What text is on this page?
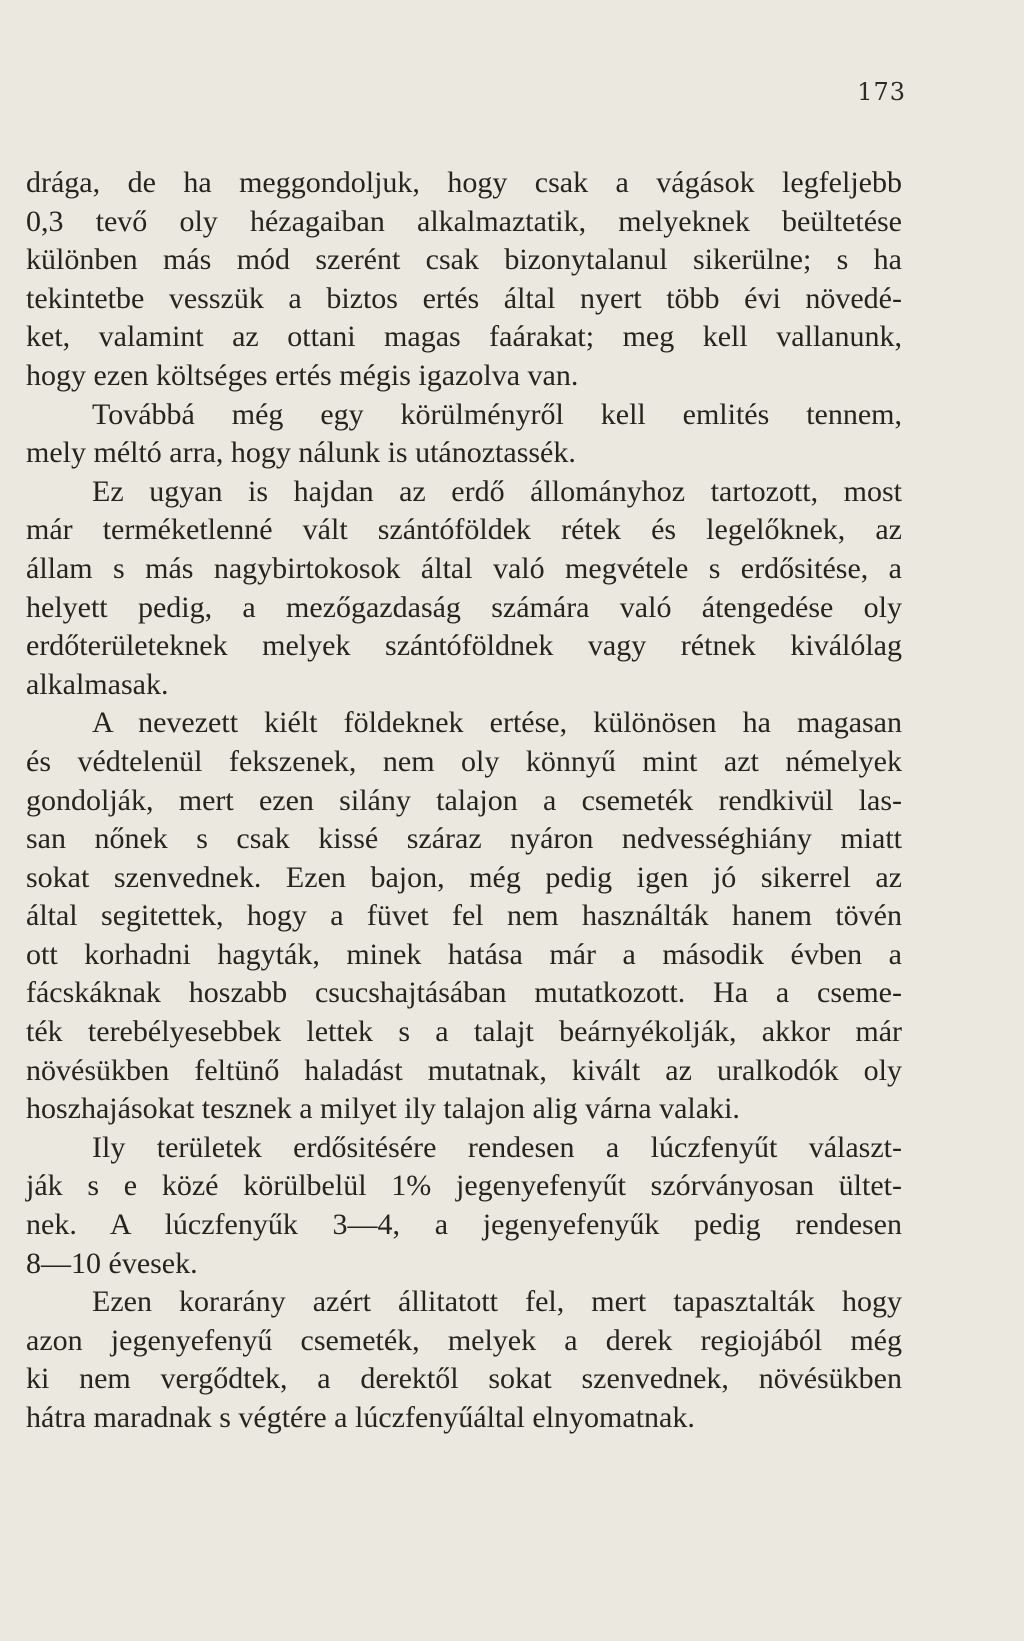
173
drága, de ha meggondoljuk, hogy csak a vágások legfeljebb
0,3 tevő oly hézagaiban alkalmaztatik, melyeknek beültetése
különben más mód szerént csak bizonytalanul sikerülne; s ha
tekintetbe vesszük a biztos ertés által nyert több évi növedé-
ket, valamint az ottani magas faárakat; meg kell vallanunk,
hogy ezen költséges ertés mégis igazolva van.
Továbbá még egy körülményről kell emlités tennem,
mely méltó arra, hogy nálunk is utánoztassék.
Ez ugyan is hajdan az erdő állományhoz tartozott, most
már terméketlenné vált szántóföldek rétek és legelőknek, az
állam s más nagybirtokosok által való megvétele s erdősitése, a
helyett pedig, a mezőgazdaság számára való átengedése oly
erdőterületeknek melyek szántóföldnek vagy rétnek kiválólag
alkalmasak.
A nevezett kiélt földeknek ertése, különösen ha magasan
és védtelenül fekszenek, nem oly könnyű mint azt némelyek
gondolják, mert ezen silány talajon a csemeték rendkivül las-
san nőnek s csak kissé száraz nyáron nedvességhiány miatt
sokat szenvednek. Ezen bajon, még pedig igen jó sikerrel az
által segitettek, hogy a füvet fel nem használták hanem tövén
ott korhadni hagyták, minek hatása már a második évben a
fácskáknak hoszabb csucshajtásában mutatkozott. Ha a cseme-
ték terebélyesebbek lettek s a talajt beárnyékolják, akkor már
növésükben feltünő haladást mutatnak, kivált az uralkodók oly
hoszhajásokat tesznek a milyet ily talajon alig várna valaki.
Ily területek erdősitésére rendesen a lúczfenyűt választ-
ják s e közé körülbelül 1% jegenyefenyűt szórványosan ültet-
nek. A lúczfenyűk 3—4, a jegenyefenyűk pedig rendesen
8—10 évesek.
Ezen korarány azért állitatott fel, mert tapasztalták hogy
azon jegenyefenyű csemeték, melyek a derek regiojából még
ki nem vergődtek, a derektől sokat szenvednek, növésükben
hátra maradnak s végtére a lúczfenyűáltal elnyomatnak.
